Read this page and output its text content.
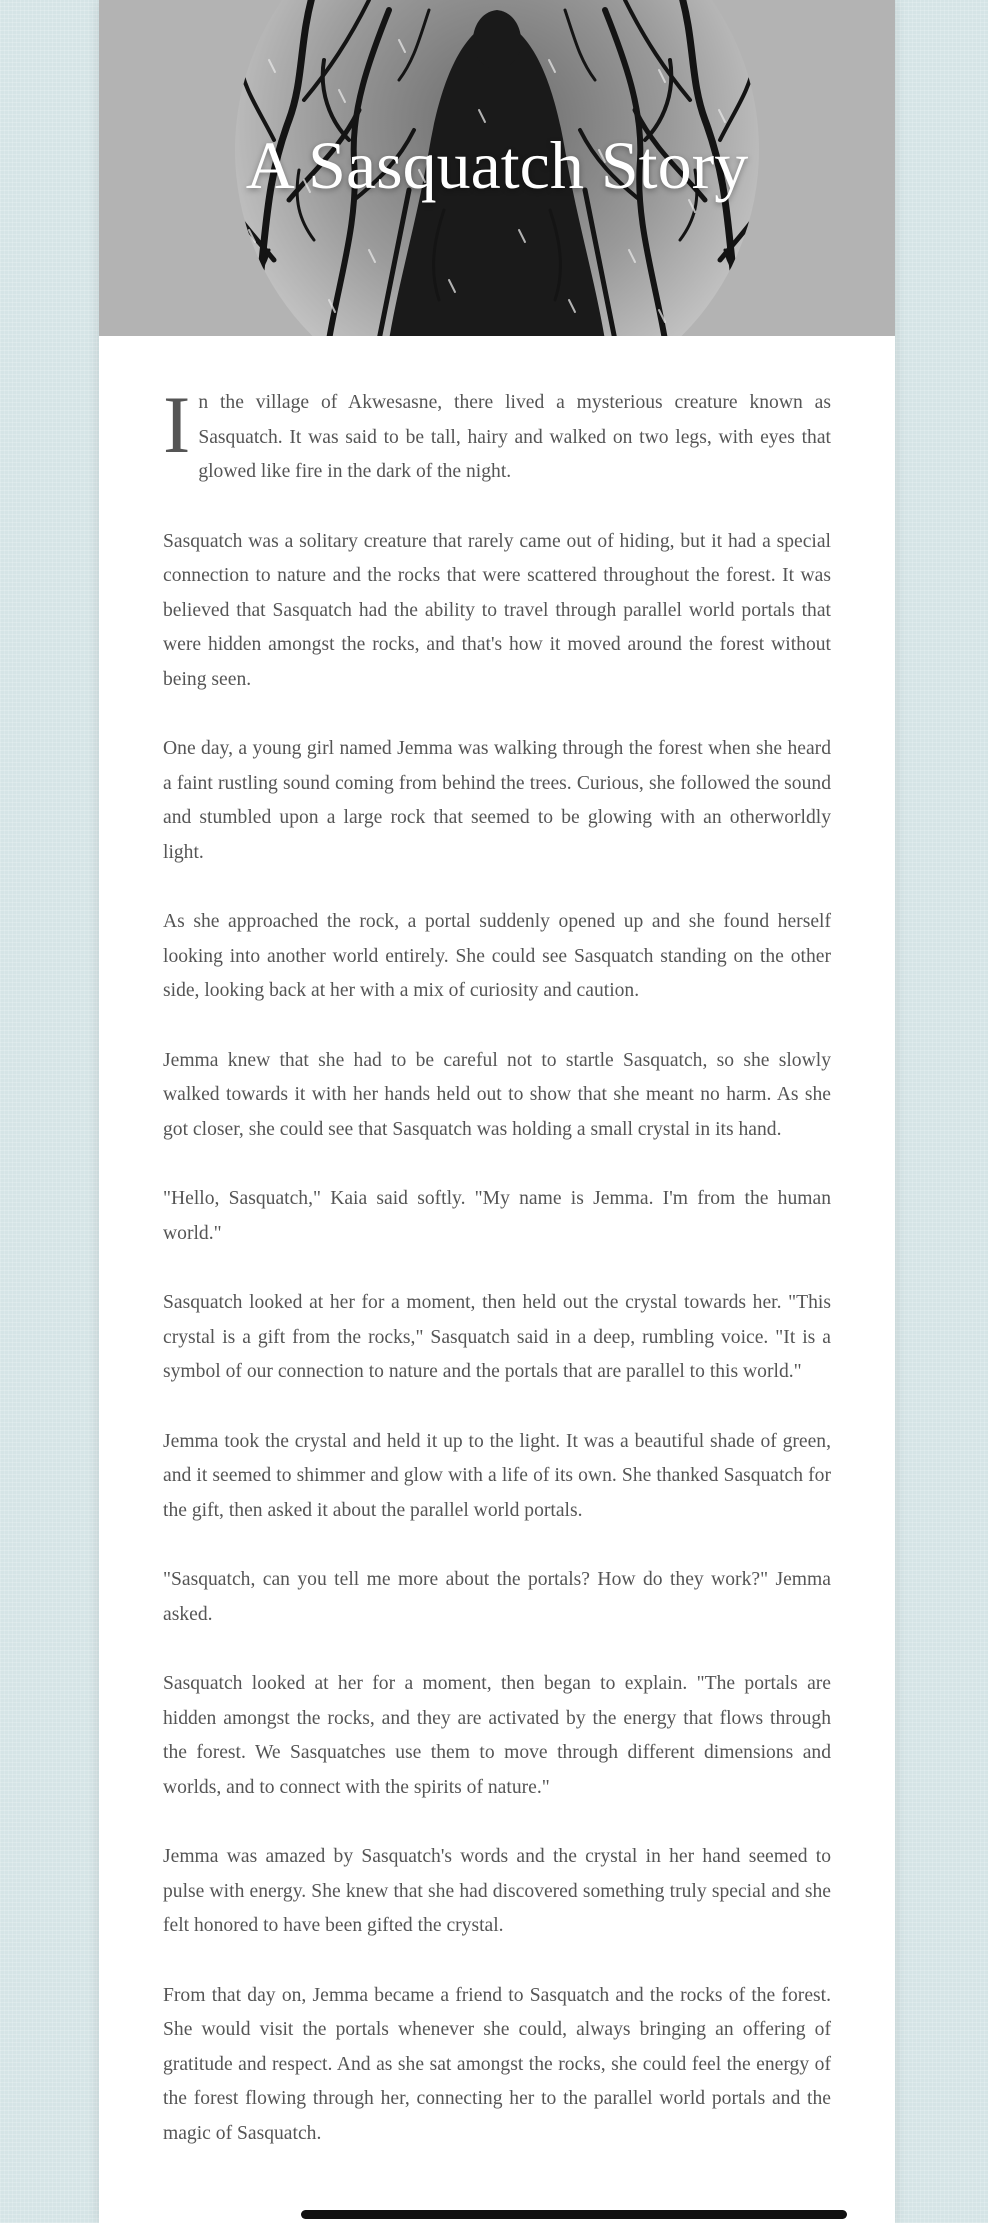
A Sasquatch Story

In the village of Akwesasne, there lived a mysterious creature known as Sasquatch. It was said to be tall, hairy and walked on two legs, with eyes that glowed like fire in the dark of the night.

Sasquatch was a solitary creature that rarely came out of hiding, but it had a special connection to nature and the rocks that were scattered throughout the forest. It was believed that Sasquatch had the ability to travel through parallel world portals that were hidden amongst the rocks, and that's how it moved around the forest without being seen.

One day, a young girl named Jemma was walking through the forest when she heard a faint rustling sound coming from behind the trees. Curious, she followed the sound and stumbled upon a large rock that seemed to be glowing with an otherworldly light.

As she approached the rock, a portal suddenly opened up and she found herself looking into another world entirely. She could see Sasquatch standing on the other side, looking back at her with a mix of curiosity and caution.

Jemma knew that she had to be careful not to startle Sasquatch, so she slowly walked towards it with her hands held out to show that she meant no harm. As she got closer, she could see that Sasquatch was holding a small crystal in its hand.

"Hello, Sasquatch," Kaia said softly. "My name is Jemma. I'm from the human world."

Sasquatch looked at her for a moment, then held out the crystal towards her. "This crystal is a gift from the rocks," Sasquatch said in a deep, rumbling voice. "It is a symbol of our connection to nature and the portals that are parallel to this world."

Jemma took the crystal and held it up to the light. It was a beautiful shade of green, and it seemed to shimmer and glow with a life of its own. She thanked Sasquatch for the gift, then asked it about the parallel world portals.

"Sasquatch, can you tell me more about the portals? How do they work?" Jemma asked.

Sasquatch looked at her for a moment, then began to explain. "The portals are hidden amongst the rocks, and they are activated by the energy that flows through the forest. We Sasquatches use them to move through different dimensions and worlds, and to connect with the spirits of nature."

Jemma was amazed by Sasquatch's words and the crystal in her hand seemed to pulse with energy. She knew that she had discovered something truly special and she felt honored to have been gifted the crystal.

From that day on, Jemma became a friend to Sasquatch and the rocks of the forest. She would visit the portals whenever she could, always bringing an offering of gratitude and respect. And as she sat amongst the rocks, she could feel the energy of the forest flowing through her, connecting her to the parallel world portals and the magic of Sasquatch.
